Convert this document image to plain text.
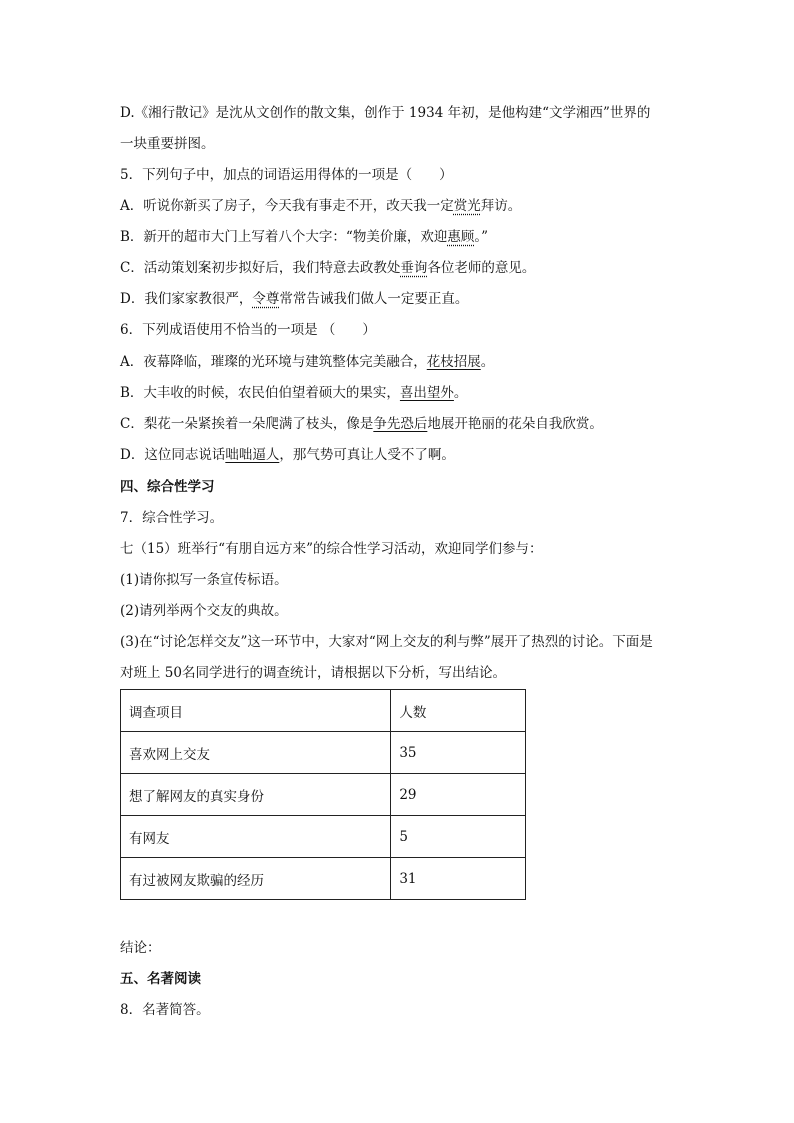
D.《湘行散记》是沈从文创作的散文集，创作于 1934 年初，是他构建“文学湘西”世界的
一块重要拼图。
5．下列句子中，加点的词语运用得体的一项是（　　）
A．听说你新买了房子，今天我有事走不开，改天我一定赏光拜访。
B．新开的超市大门上写着八个大字：“物美价廉，欢迎惠顾。”
C．活动策划案初步拟好后，我们特意去政教处垂询各位老师的意见。
D．我们家家教很严，令尊常常告诫我们做人一定要正直。
6．下列成语使用不恰当的一项是 （　　）
A．夜幕降临，璀璨的光环境与建筑整体完美融合，花枝招展。
B．大丰收的时候，农民伯伯望着硕大的果实，喜出望外。
C．梨花一朵紧挨着一朵爬满了枝头，像是争先恐后地展开艳丽的花朵自我欣赏。
D．这位同志说话咄咄逼人，那气势可真让人受不了啊。
四、综合性学习
7．综合性学习。
七（15）班举行“有朋自远方来”的综合性学习活动，欢迎同学们参与：
(1)请你拟写一条宣传标语。
(2)请列举两个交友的典故。
(3)在“讨论怎样交友”这一环节中，大家对“网上交友的利与弊”展开了热烈的讨论。下面是
对班上 50名同学进行的调查统计，请根据以下分析，写出结论。
调查项目	人数
喜欢网上交友	35
想了解网友的真实身份	29
有网友	5
有过被网友欺骗的经历	31
结论：
五、名著阅读
8．名著简答。
